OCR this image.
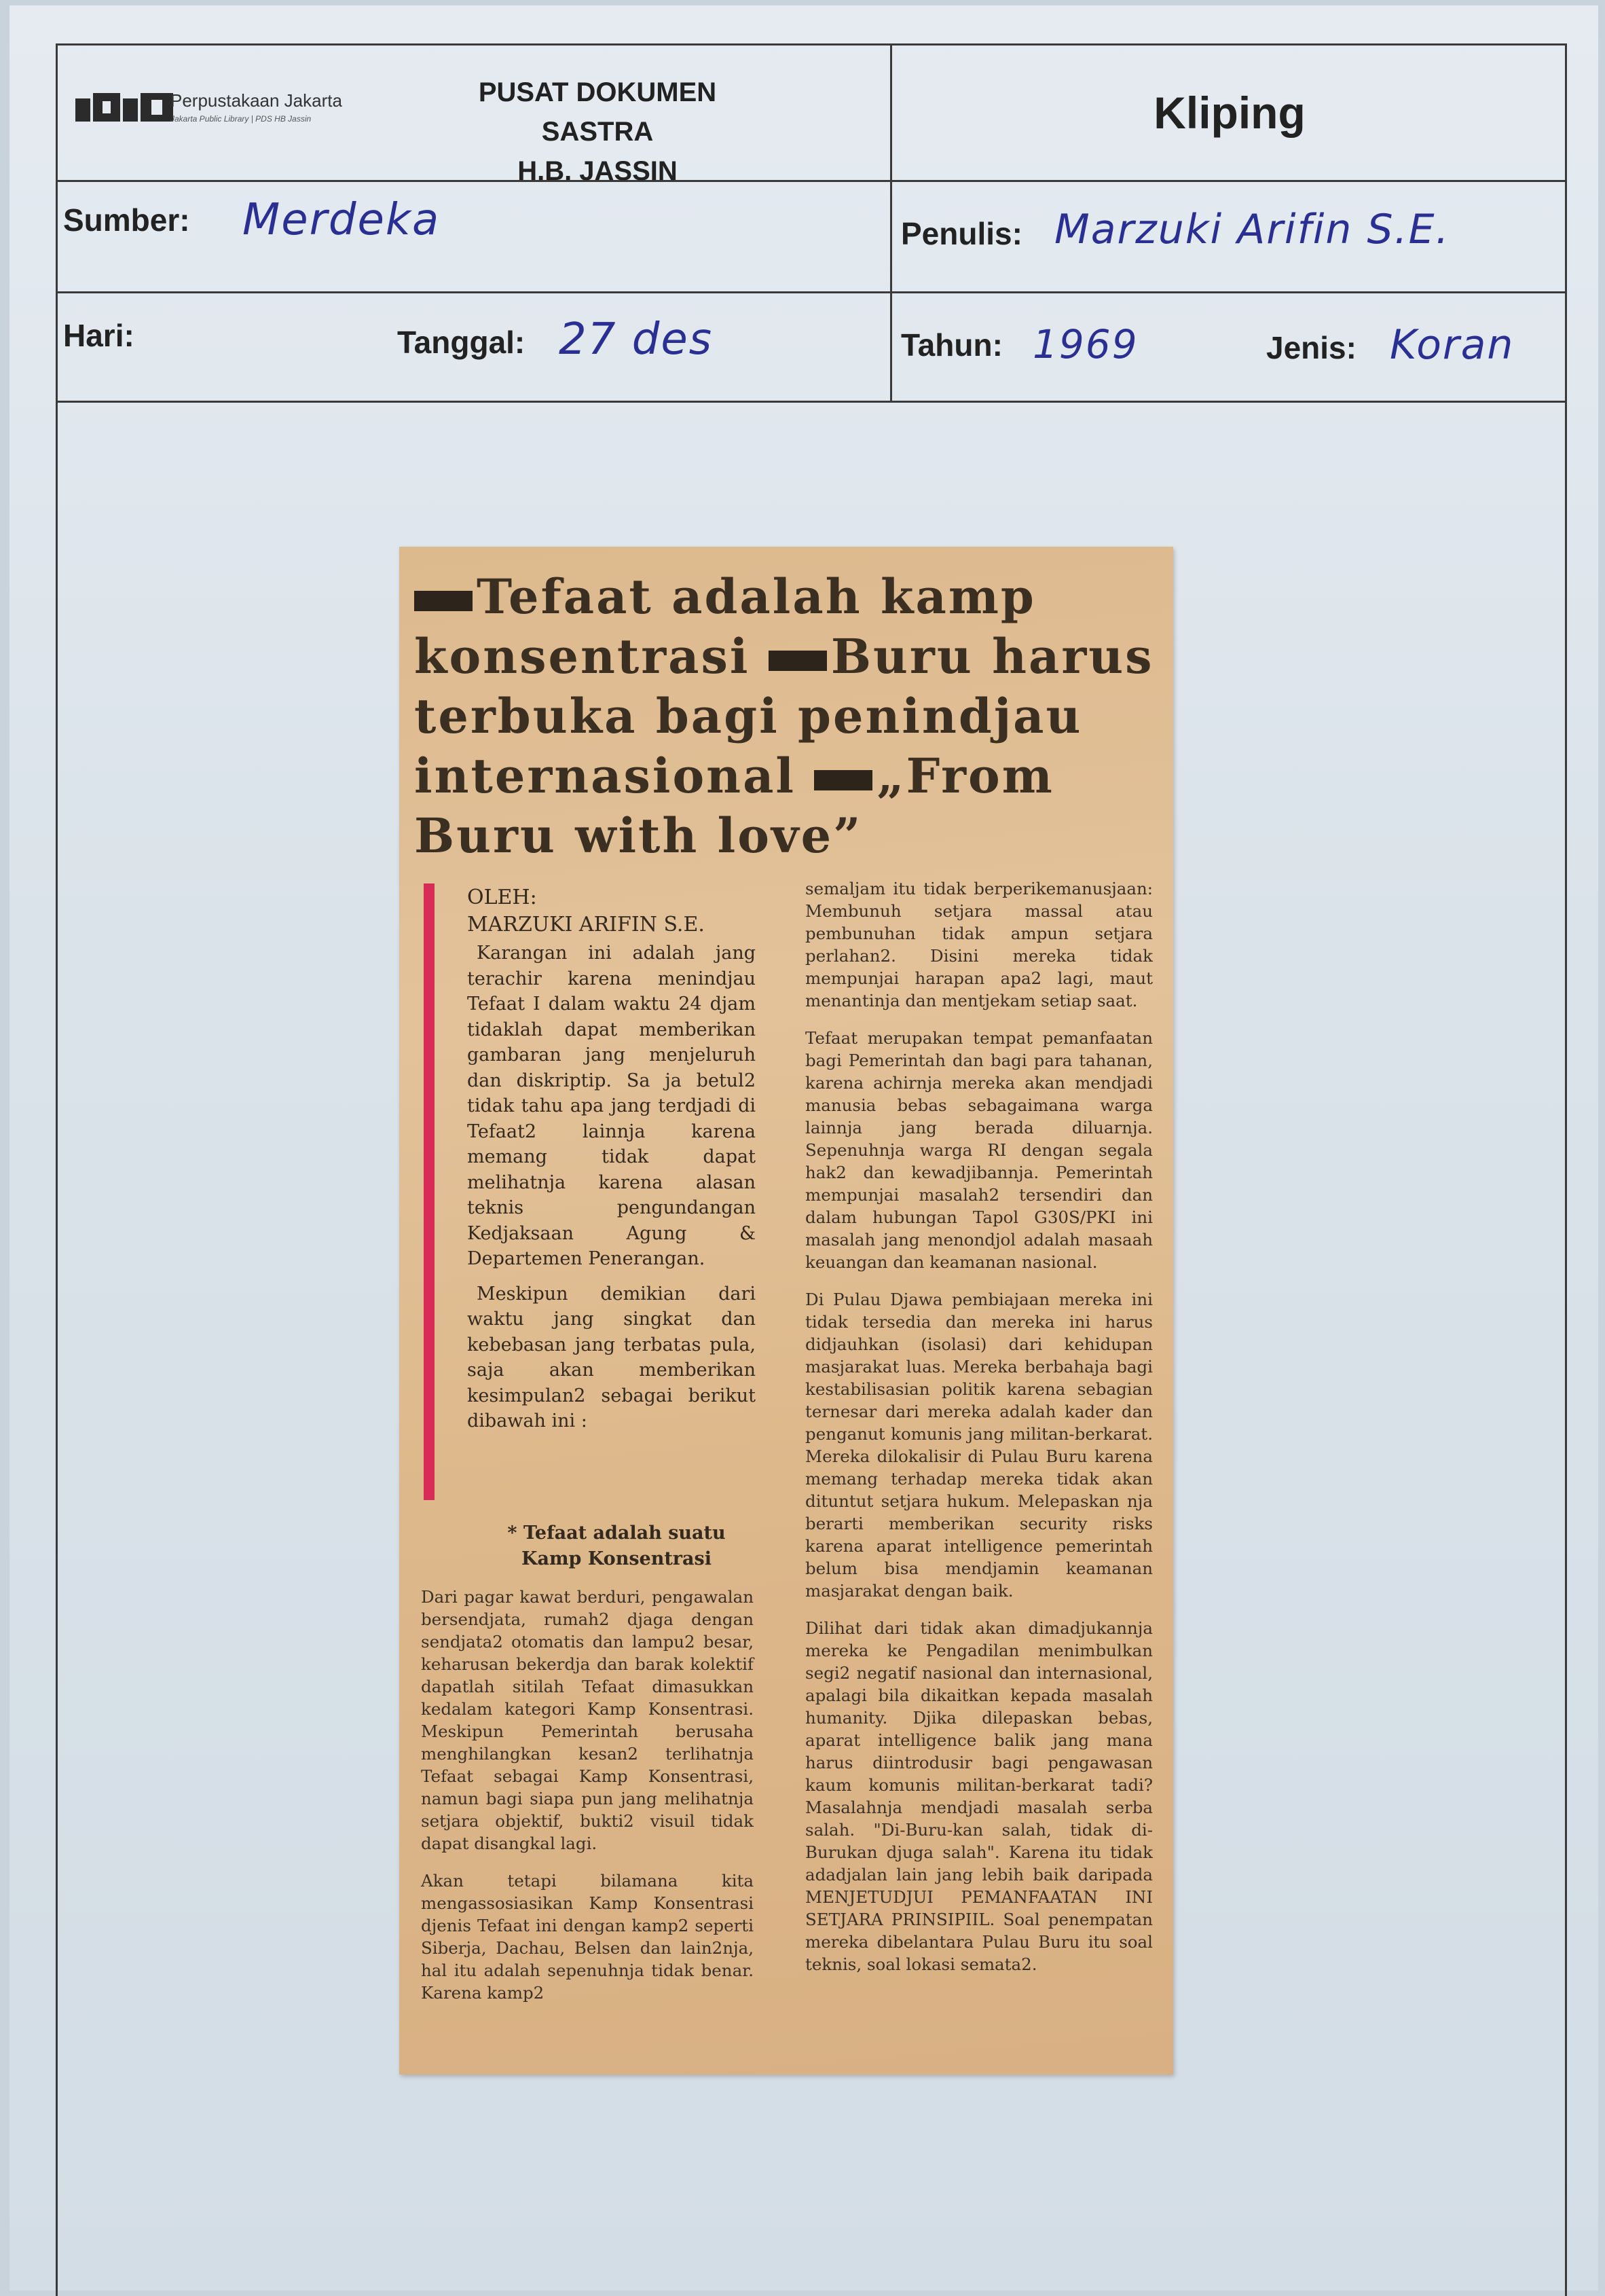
Perpustakaan Jakarta
Jakarta Public Library | PDS HB Jassin
PUSAT DOKUMEN SASTRA
H.B. JASSIN
Kliping
Sumber: Merdeka	Penulis: Marzuki Arifin S.E.
Hari:	Tanggal: 27 des	Tahun: 1969	Jenis: Koran
Tefaat adalah kamp konsentrasi Buru harus terbuka bagi penindjau internasional „From Buru with love”
OLEH:
MARZUKI ARIFIN S.E.

Karangan ini adalah jang terachir karena menindjau Tefaat I dalam waktu 24 djam tidaklah dapat memberikan gambaran jang menjeluruh dan diskriptip. Sa ja betul2 tidak tahu apa jang terdjadi di Tefaat2 lainnja karena memang tidak dapat melihatnja karena alasan teknis pengundangan Kedjaksaan Agung & Departemen Penerangan.

Meskipun demikian dari waktu jang singkat dan kebebasan jang terbatas pula, saja akan memberikan kesimpulan2 sebagai berikut dibawah ini :

* Tefaat adalah suatu
Kamp Konsentrasi

Dari pagar kawat berduri, pengawalan bersendjata, rumah2 djaga dengan sendjata2 otomatis dan lampu2 besar, keharusan bekerdja dan barak kolektif dapatlah sitilah Tefaat dimasukkan kedalam kategori Kamp Konsentrasi. Meskipun Pemerintah berusaha menghilangkan kesan2 terlihatnja Tefaat sebagai Kamp Konsentrasi, namun bagi siapa pun jang melihatnja setjara objektif, bukti2 visuil tidak dapat disangkal lagi.

Akan tetapi bilamana kita mengassosiasikan Kamp Konsentrasi djenis Tefaat ini dengan kamp2 seperti Siberja, Dachau, Belsen dan lain2nja, hal itu adalah sepenuhnja tidak benar. Karena kamp2

semaljam itu tidak berperikemanusjaan: Membunuh setjara massal atau pembunuhan tidak ampun setjara perlahan2. Disini mereka tidak mempunjai harapan apa2 lagi, maut menantinja dan mentjekam setiap saat.

Tefaat merupakan tempat pemanfaatan bagi Pemerintah dan bagi para tahanan, karena achirnja mereka akan mendjadi manusia bebas sebagaimana warga lainnja jang berada diluarnja. Sepenuhnja warga RI dengan segala hak2 dan kewadjibannja. Pemerintah mempunjai masalah2 tersendiri dan dalam hubungan Tapol G30S/PKI ini masalah jang menondjol adalah masaah keuangan dan keamanan nasional.

Di Pulau Djawa pembiajaan mereka ini tidak tersedia dan mereka ini harus didjauhkan (isolasi) dari kehidupan masjarakat luas. Mereka berbahaja bagi kestabilisasian politik karena sebagian ternesar dari mereka adalah kader dan penganut komunis jang militan-berkarat. Mereka dilokalisir di Pulau Buru karena memang terhadap mereka tidak akan dituntut setjara hukum. Melepaskan nja berarti memberikan security risks karena aparat intelligence pemerintah belum bisa mendjamin keamanan masjarakat dengan baik.

Dilihat dari tidak akan dimadjukannja mereka ke Pengadilan menimbulkan segi2 negatif nasional dan internasional, apalagi bila dikaitkan kepada masalah humanity. Djika dilepaskan bebas, aparat intelligence balik jang mana harus diintrodusir bagi pengawasan kaum komunis militan-berkarat tadi? Masalahnja mendjadi masalah serba salah. "Di-Buru-kan salah, tidak di-Burukan djuga salah". Karena itu tidak adadjalan lain jang lebih baik daripada MENJETUDJUI PEMANFAATAN INI SETJARA PRINSIPIIL. Soal penempatan mereka dibelantara Pulau Buru itu soal teknis, soal lokasi semata2.
